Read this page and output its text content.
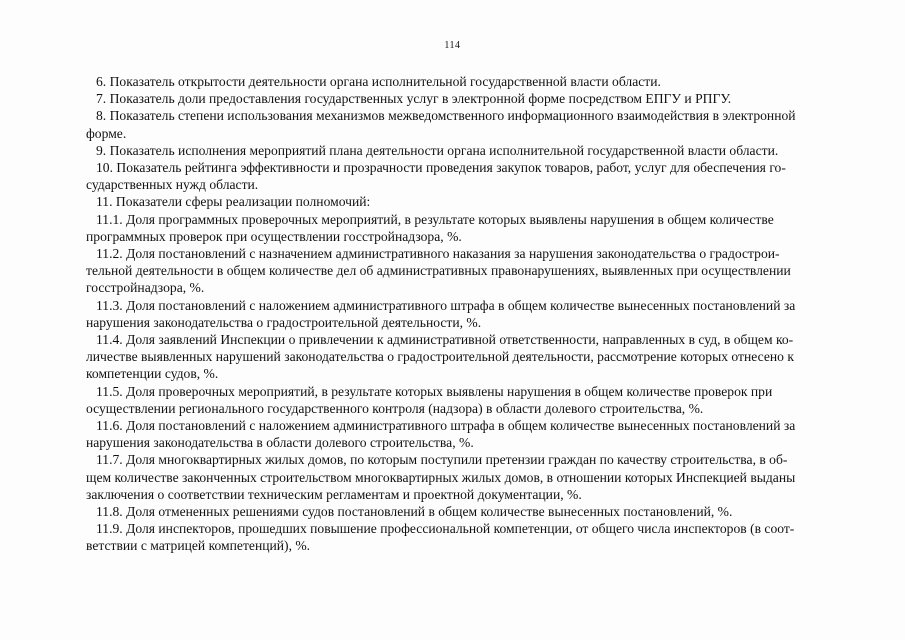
114
6. Показатель открытости деятельности органа исполнительной государственной власти области.
7. Показатель доли предоставления государственных услуг в электронной форме посредством ЕПГУ и РПГУ.
8. Показатель степени использования механизмов межведомственного информационного взаимодействия в электронной
форме.
9. Показатель исполнения мероприятий плана деятельности органа исполнительной государственной власти области.
10. Показатель рейтинга эффективности и прозрачности проведения закупок товаров, работ, услуг для обеспечения го-
сударственных нужд области.
11. Показатели сферы реализации полномочий:
11.1. Доля программных проверочных мероприятий, в результате которых выявлены нарушения в общем количестве
программных проверок при осуществлении госстройнадзора, %.
11.2. Доля постановлений с назначением административного наказания за нарушения законодательства о градострои-
тельной деятельности в общем количестве дел об административных правонарушениях, выявленных при осуществлении
госстройнадзора, %.
11.3. Доля постановлений с наложением административного штрафа в общем количестве вынесенных постановлений за
нарушения законодательства о градостроительной деятельности, %.
11.4. Доля заявлений Инспекции о привлечении к административной ответственности, направленных в суд, в общем ко-
личестве выявленных нарушений законодательства о градостроительной деятельности, рассмотрение которых отнесено к
компетенции судов, %.
11.5. Доля проверочных мероприятий, в результате которых выявлены нарушения в общем количестве проверок при
осуществлении регионального государственного контроля (надзора) в области долевого строительства, %.
11.6. Доля постановлений с наложением административного штрафа в общем количестве вынесенных постановлений за
нарушения законодательства в области долевого строительства, %.
11.7. Доля многоквартирных жилых домов, по которым поступили претензии граждан по качеству строительства, в об-
щем количестве законченных строительством многоквартирных жилых домов, в отношении которых Инспекцией выданы
заключения о соответствии техническим регламентам и проектной документации, %.
11.8. Доля отмененных решениями судов постановлений в общем количестве вынесенных постановлений, %.
11.9. Доля инспекторов, прошедших повышение профессиональной компетенции, от общего числа инспекторов (в соот-
ветствии с матрицей компетенций), %.
